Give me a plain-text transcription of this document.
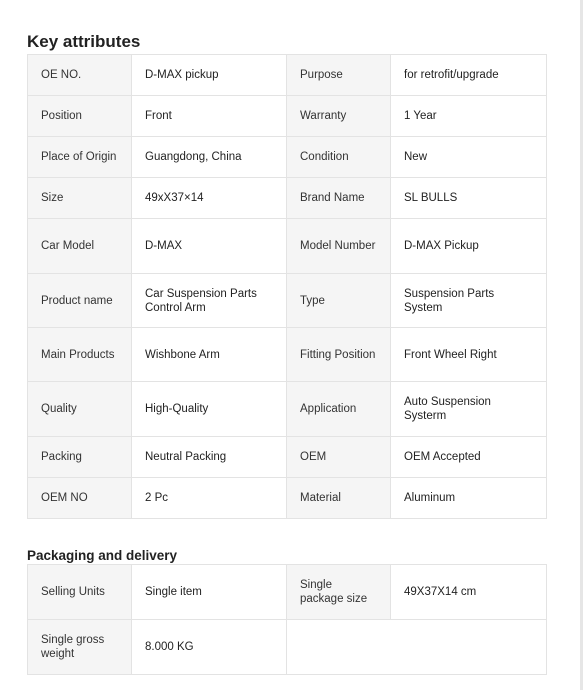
Key attributes
OE NO.	D-MAX pickup	Purpose	for retrofit/upgrade
Position	Front	Warranty	1 Year
Place of Origin	Guangdong, China	Condition	New
Size	49xX37×14	Brand Name	SL BULLS
Car Model	D-MAX	Model Number	D-MAX Pickup
Product name	Car Suspension Parts Control Arm	Type	Suspension Parts System
Main Products	Wishbone Arm	Fitting Position	Front Wheel Right
Quality	High-Quality	Application	Auto Suspension Systerm
Packing	Neutral Packing	OEM	OEM Accepted
OEM NO	2 Pc	Material	Aluminum
Packaging and delivery
Selling Units	Single item	Single package size	49X37X14 cm
Single gross weight	8.000 KG		
